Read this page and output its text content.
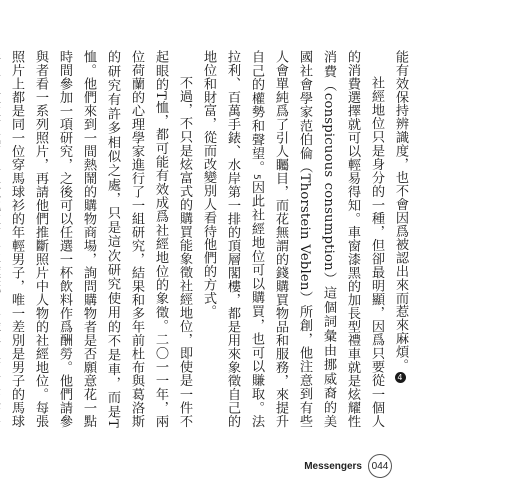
能有效保持辨識度，也不會因爲被認出來而惹來麻煩。4

社經地位只是身分的一種，但卻最明顯，因爲只要從一個人的消費選擇就可以輕易得知。車窗漆黑的加長型禮車就是炫耀性消費（conspicuous consumption）這個詞彙由挪威裔的美國社會學家范伯倫（Thorstein Veblen）所創，他注意到有些人會單純爲了引人矚目，而花無謂的錢購買物品和服務，來提升自己的權勢和聲望。5因此社經地位可以購買，也可以賺取。法拉利、百萬手錶、水岸第一排的頂層閣樓，都是用來象徵自己的地位和財富，從而改變別人看待他們的方式。

不過，不只是炫富式的購買能象徵社經地位，即使是一件不起眼的T恤，都可能有效成爲社經地位的象徵。二〇一一年，兩位荷蘭的心理學家進行了一組研究，結果和多年前杜布與葛洛斯的研究有許多相似之處，只是這次研究使用的不是車，而是T恤。他們來到一間熱鬧的購物商場，詢問購物者是否願意花一點時間參加一項研究，之後可以任選一杯飲料作爲酬勞。他們請參與者看一系列照片，再請他們推斷照片中人物的社經地位。每張照片上都是同一位穿馬球衫的年輕男子，唯一差別是男子的馬球

Messengers 044
